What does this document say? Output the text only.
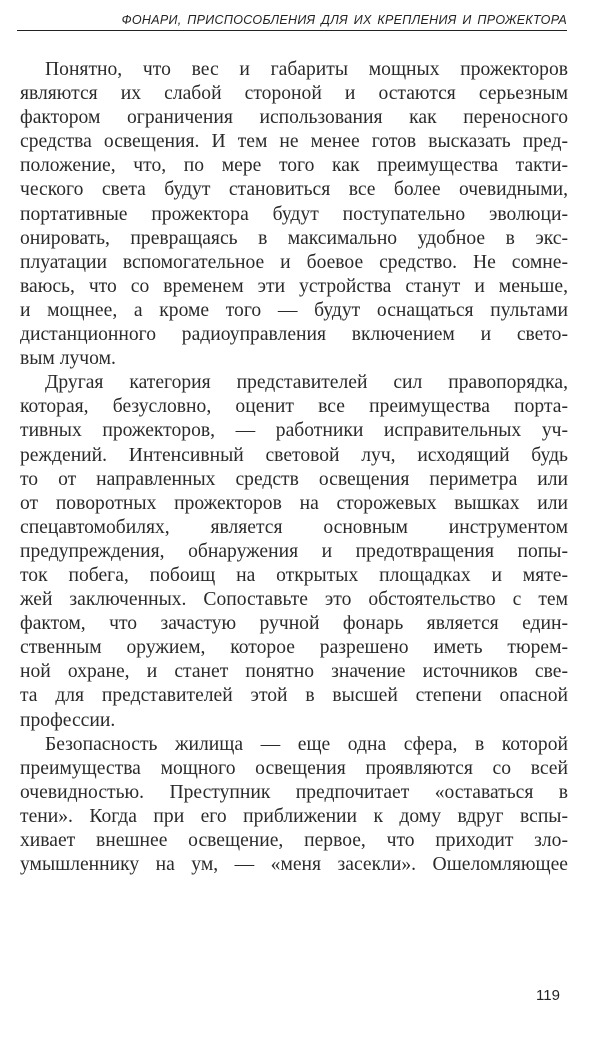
ФОНАРИ, ПРИСПОСОБЛЕНИЯ ДЛЯ ИХ КРЕПЛЕНИЯ И ПРОЖЕКТОРА
Понятно, что вес и габариты мощных прожекторов
являются их слабой стороной и остаются серьезным
фактором ограничения использования как переносного
средства освещения. И тем не менее готов высказать пред-
положение, что, по мере того как преимущества такти-
ческого света будут становиться все более очевидными,
портативные прожектора будут поступательно эволюци-
онировать, превращаясь в максимально удобное в экс-
плуатации вспомогательное и боевое средство. Не сомне-
ваюсь, что со временем эти устройства станут и меньше,
и мощнее, а кроме того — будут оснащаться пультами
дистанционного радиоуправления включением и свето-
вым лучом.
Другая категория представителей сил правопорядка,
которая, безусловно, оценит все преимущества порта-
тивных прожекторов, — работники исправительных уч-
реждений. Интенсивный световой луч, исходящий будь
то от направленных средств освещения периметра или
от поворотных прожекторов на сторожевых вышках или
спецавтомобилях, является основным инструментом
предупреждения, обнаружения и предотвращения попы-
ток побега, побоищ на открытых площадках и мяте-
жей заключенных. Сопоставьте это обстоятельство с тем
фактом, что зачастую ручной фонарь является един-
ственным оружием, которое разрешено иметь тюрем-
ной охране, и станет понятно значение источников све-
та для представителей этой в высшей степени опасной
профессии.
Безопасность жилища — еще одна сфера, в которой
преимущества мощного освещения проявляются со всей
очевидностью. Преступник предпочитает «оставаться в
тени». Когда при его приближении к дому вдруг вспы-
хивает внешнее освещение, первое, что приходит зло-
умышленнику на ум, — «меня засекли». Ошеломляющее
119
